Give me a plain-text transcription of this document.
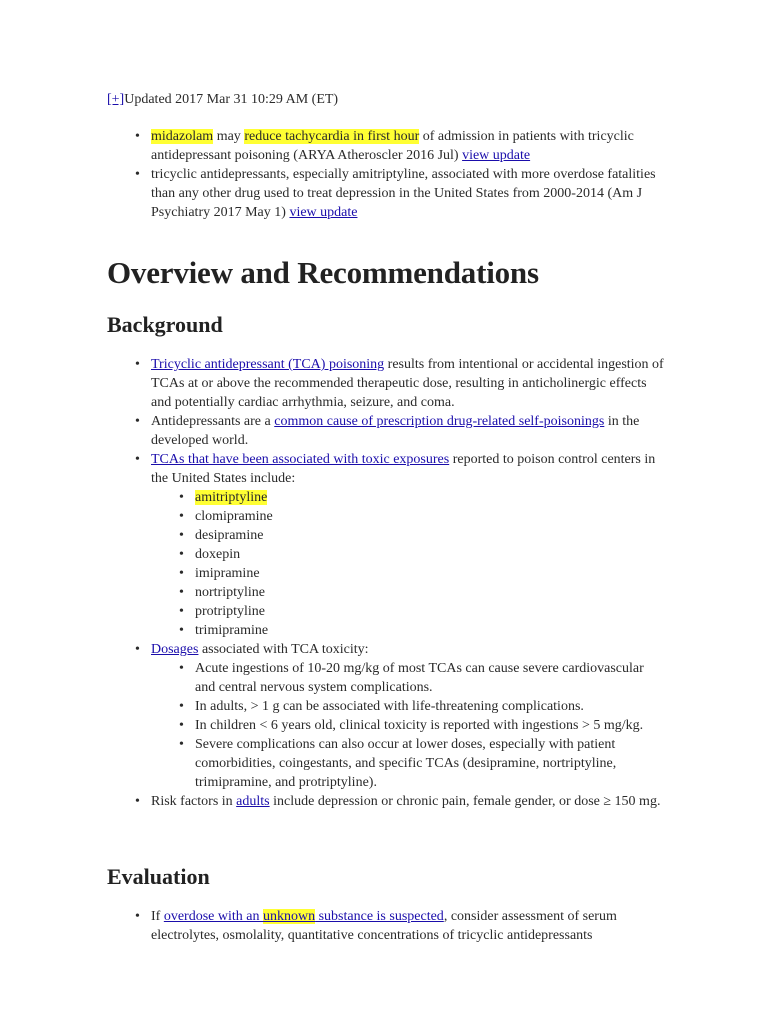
[+]Updated 2017 Mar 31 10:29 AM (ET)
• midazolam may reduce tachycardia in first hour of admission in patients with tricyclic antidepressant poisoning (ARYA Atheroscler 2016 Jul) view update
• tricyclic antidepressants, especially amitriptyline, associated with more overdose fatalities than any other drug used to treat depression in the United States from 2000-2014 (Am J Psychiatry 2017 May 1) view update
Overview and Recommendations
Background
• Tricyclic antidepressant (TCA) poisoning results from intentional or accidental ingestion of TCAs at or above the recommended therapeutic dose, resulting in anticholinergic effects and potentially cardiac arrhythmia, seizure, and coma.
• Antidepressants are a common cause of prescription drug-related self-poisonings in the developed world.
• TCAs that have been associated with toxic exposures reported to poison control centers in the United States include:
• amitriptyline
• clomipramine
• desipramine
• doxepin
• imipramine
• nortriptyline
• protriptyline
• trimipramine
• Dosages associated with TCA toxicity:
• Acute ingestions of 10-20 mg/kg of most TCAs can cause severe cardiovascular and central nervous system complications.
• In adults, > 1 g can be associated with life-threatening complications.
• In children < 6 years old, clinical toxicity is reported with ingestions > 5 mg/kg.
• Severe complications can also occur at lower doses, especially with patient comorbidities, coingestants, and specific TCAs (desipramine, nortriptyline, trimipramine, and protriptyline).
• Risk factors in adults include depression or chronic pain, female gender, or dose ≥ 150 mg.
Evaluation
• If overdose with an unknown substance is suspected, consider assessment of serum electrolytes, osmolality, quantitative concentrations of tricyclic antidepressants
